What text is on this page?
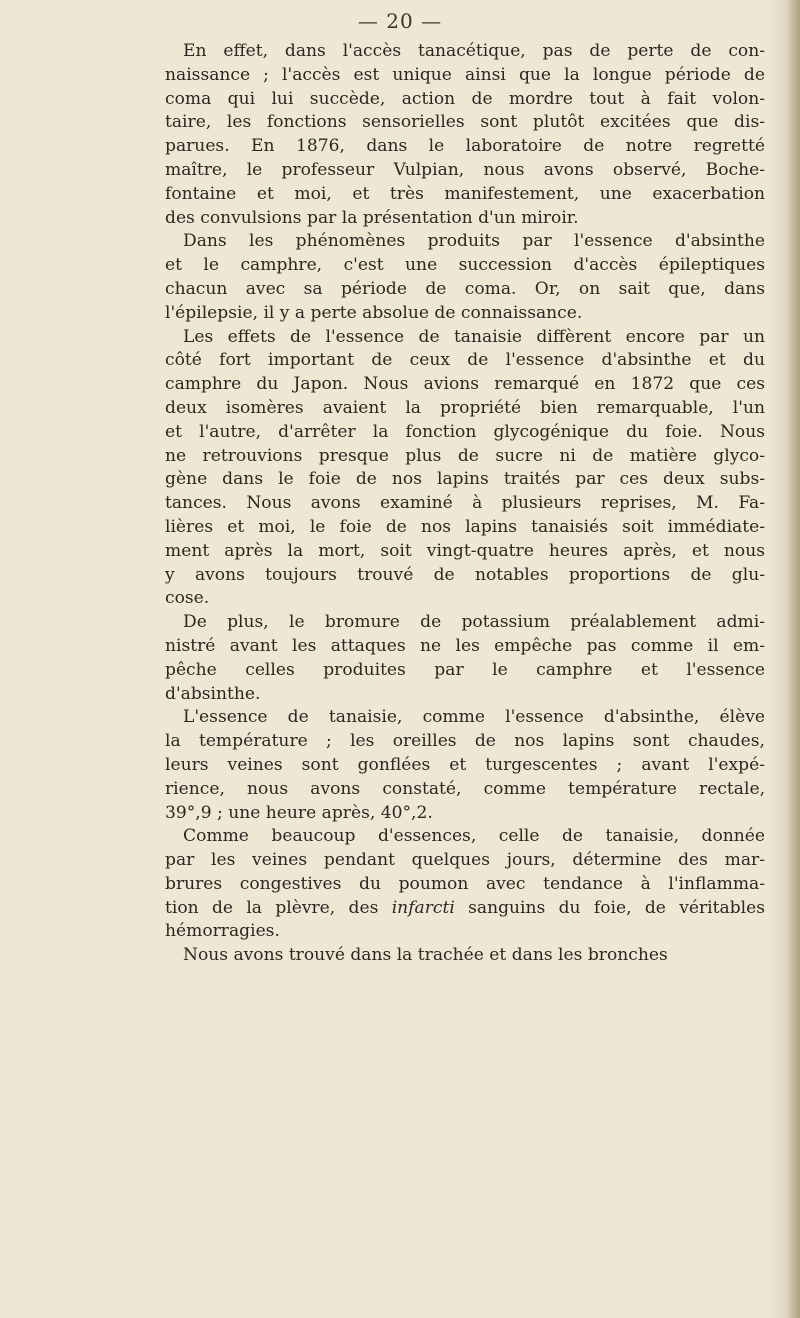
— 20 —
En effet, dans l'accès tanacétique, pas de perte de con-
naissance ; l'accès est unique ainsi que la longue période de
coma qui lui succède, action de mordre tout à fait volon-
taire, les fonctions sensorielles sont plutôt excitées que dis-
parues. En 1876, dans le laboratoire de notre regretté
maître, le professeur Vulpian, nous avons observé, Boche-
fontaine et moi, et très manifestement, une exacerbation
des convulsions par la présentation d'un miroir.
Dans les phénomènes produits par l'essence d'absinthe
et le camphre, c'est une succession d'accès épileptiques
chacun avec sa période de coma. Or, on sait que, dans
l'épilepsie, il y a perte absolue de connaissance.
Les effets de l'essence de tanaisie diffèrent encore par un
côté fort important de ceux de l'essence d'absinthe et du
camphre du Japon. Nous avions remarqué en 1872 que ces
deux isomères avaient la propriété bien remarquable, l'un
et l'autre, d'arrêter la fonction glycogénique du foie. Nous
ne retrouvions presque plus de sucre ni de matière glyco-
gène dans le foie de nos lapins traités par ces deux subs-
tances. Nous avons examiné à plusieurs reprises, M. Fa-
lières et moi, le foie de nos lapins tanaisiés soit immédiate-
ment après la mort, soit vingt-quatre heures après, et nous
y avons toujours trouvé de notables proportions de glu-
cose.
De plus, le bromure de potassium préalablement admi-
nistré avant les attaques ne les empêche pas comme il em-
pêche celles produites par le camphre et l'essence
d'absinthe.
L'essence de tanaisie, comme l'essence d'absinthe, élève
la température ; les oreilles de nos lapins sont chaudes,
leurs veines sont gonflées et turgescentes ; avant l'expé-
rience, nous avons constaté, comme température rectale,
39°,9 ; une heure après, 40°,2.
Comme beaucoup d'essences, celle de tanaisie, donnée
par les veines pendant quelques jours, détermine des mar-
brures congestives du poumon avec tendance à l'inflamma-
tion de la plèvre, des infarcti sanguins du foie, de véritables
hémorragies.
Nous avons trouvé dans la trachée et dans les bronches
